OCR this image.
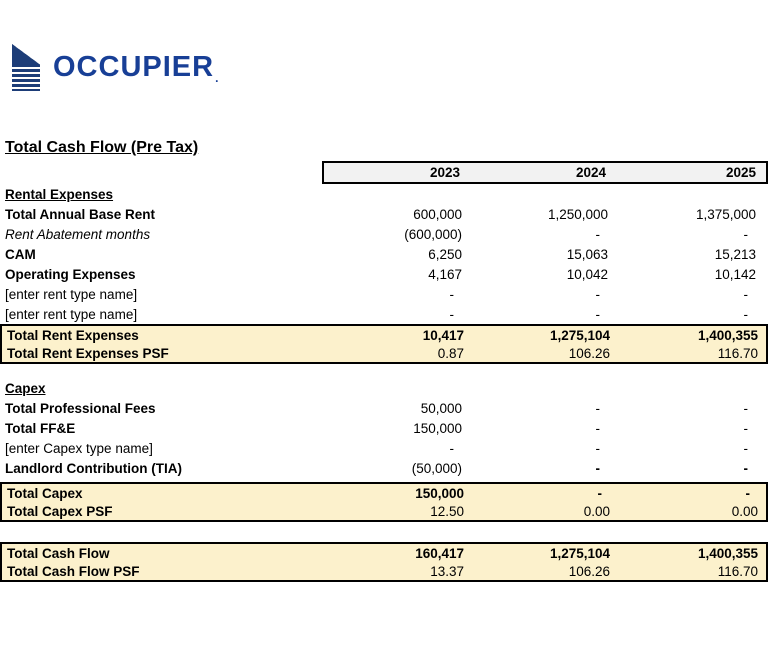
OCCUPIER .
Total Cash Flow (Pre Tax)
2023	2024	2025
Rental Expenses
Total Annual Base Rent	600,000	1,250,000	1,375,000
Rent Abatement months	(600,000)	-	-
CAM	6,250	15,063	15,213
Operating Expenses	4,167	10,042	10,142
[enter rent type name]	-	-	-
[enter rent type name]	-	-	-
Total Rent Expenses	10,417	1,275,104	1,400,355
Total Rent Expenses PSF	0.87	106.26	116.70
Capex
Total Professional Fees	50,000	-	-
Total FF&E	150,000	-	-
[enter Capex type name]	-	-	-
Landlord Contribution (TIA)	(50,000)	-	-
Total Capex	150,000	-	-
Total Capex PSF	12.50	0.00	0.00
Total Cash Flow	160,417	1,275,104	1,400,355
Total Cash Flow PSF	13.37	106.26	116.70
